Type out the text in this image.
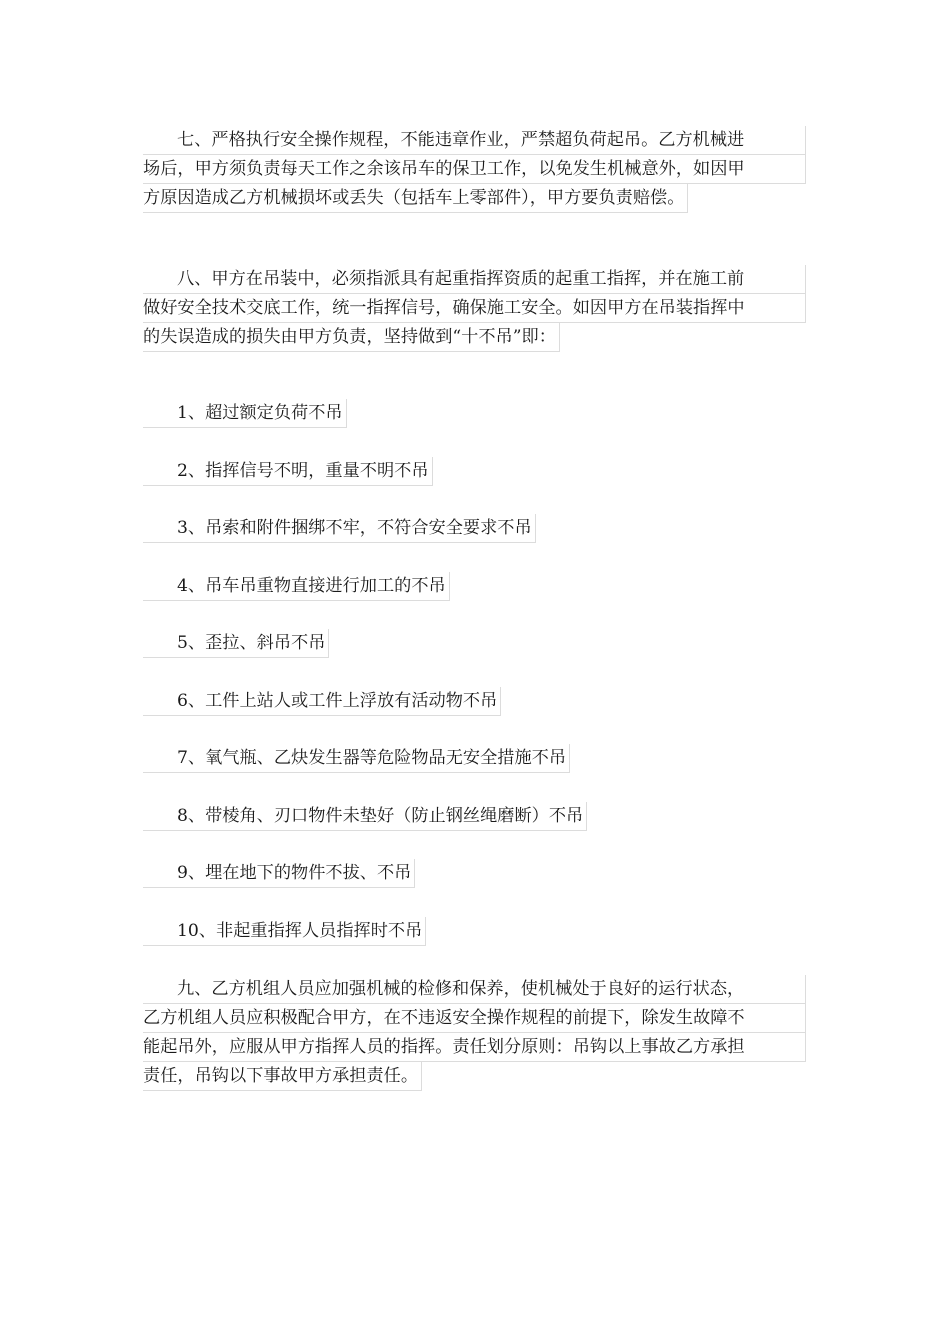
七、严格执行安全操作规程，不能违章作业，严禁超负荷起吊。乙方机械进
场后，甲方须负责每天工作之余该吊车的保卫工作，以免发生机械意外，如因甲
方原因造成乙方机械损坏或丢失（包括车上零部件），甲方要负责赔偿。
八、甲方在吊装中，必须指派具有起重指挥资质的起重工指挥，并在施工前
做好安全技术交底工作，统一指挥信号，确保施工安全。如因甲方在吊装指挥中
的失误造成的损失由甲方负责，坚持做到“十不吊”即：
1、超过额定负荷不吊
2、指挥信号不明，重量不明不吊
3、吊索和附件捆绑不牢，不符合安全要求不吊
4、吊车吊重物直接进行加工的不吊
5、歪拉、斜吊不吊
6、工件上站人或工件上浮放有活动物不吊
7、氧气瓶、乙炔发生器等危险物品无安全措施不吊
8、带棱角、刃口物件未垫好（防止钢丝绳磨断）不吊
9、埋在地下的物件不拔、不吊
10、非起重指挥人员指挥时不吊
九、乙方机组人员应加强机械的检修和保养，使机械处于良好的运行状态，
乙方机组人员应积极配合甲方，在不违返安全操作规程的前提下，除发生故障不
能起吊外，应服从甲方指挥人员的指挥。责任划分原则：吊钩以上事故乙方承担
责任，吊钩以下事故甲方承担责任。
